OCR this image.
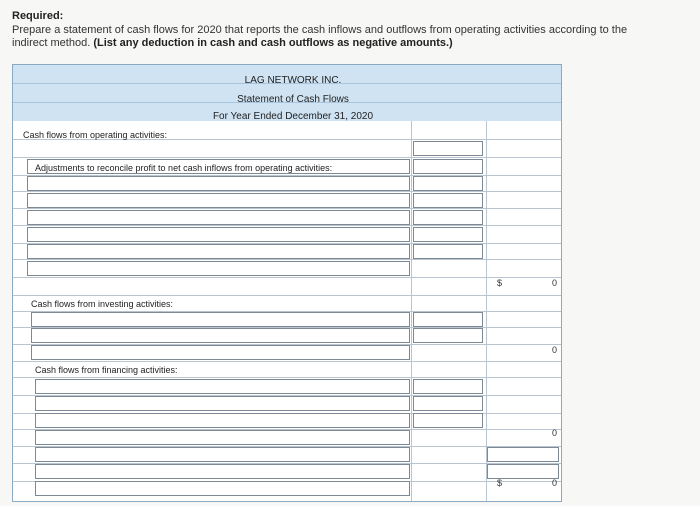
Required:
Prepare a statement of cash flows for 2020 that reports the cash inflows and outflows from operating activities according to the
indirect method. (List any deduction in cash and cash outflows as negative amounts.)
LAG NETWORK INC.
Statement of Cash Flows
For Year Ended December 31, 2020
Cash flows from operating activities:
Adjustments to reconcile profit to net cash inflows from operating activities:
$	0
Cash flows from investing activities:
0
Cash flows from financing activities:
0
$	0
